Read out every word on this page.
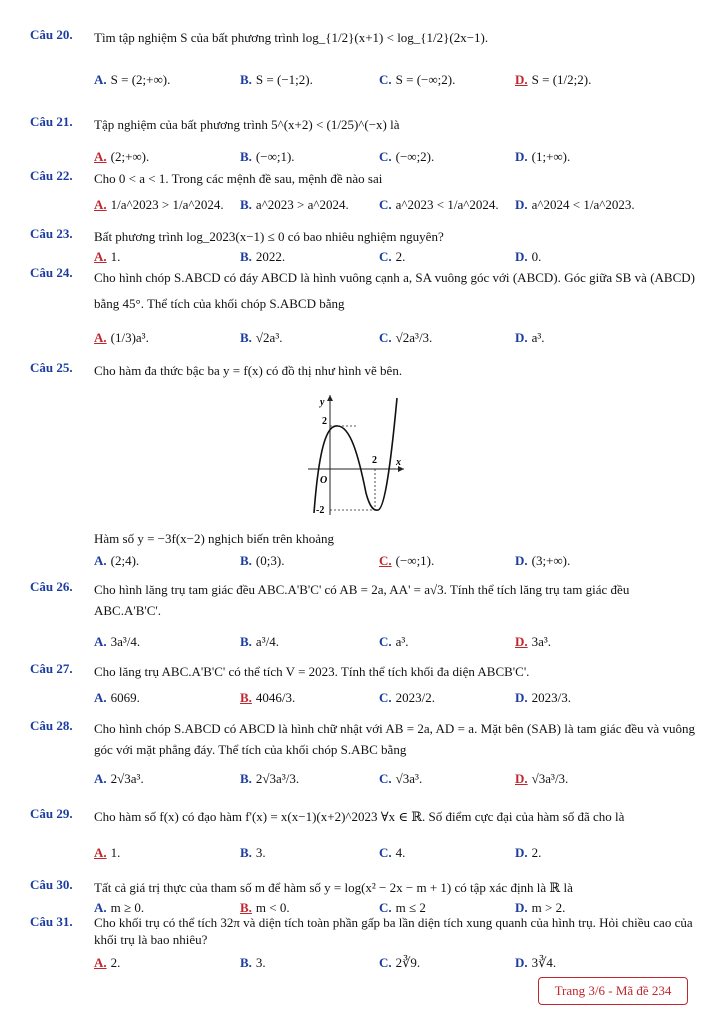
Câu 20. Tìm tập nghiệm S của bất phương trình log_{1/2}(x+1) < log_{1/2}(2x−1).
A. S = (2;+∞).	B. S = (−1;2).	C. S = (−∞;2).	D. S = (1/2;2).
Câu 21. Tập nghiệm của bất phương trình 5^(x+2) < (1/25)^(−x) là
A. (2;+∞).	B. (−∞;1).	C. (−∞;2).	D. (1;+∞).
Câu 22. Cho 0 < a < 1. Trong các mệnh đề sau, mệnh đề nào sai
A. 1/a^2023 > 1/a^2024. B. a^2023 > a^2024. C. a^2023 < 1/a^2024. D. a^2024 < 1/a^2023.
Câu 23. Bất phương trình log_2023(x−1) ≤ 0 có bao nhiêu nghiệm nguyên?
A. 1.	B. 2022.	C. 2.	D. 0.
Câu 24. Cho hình chóp S.ABCD có đáy ABCD là hình vuông cạnh a, SA vuông góc với (ABCD). Góc giữa SB và (ABCD) bằng 45°. Thể tích của khối chóp S.ABCD bằng
A. (1/3)a³.	B. √2a³.	C. √2a³/3.	D. a³.
Câu 25. Cho hàm đa thức bậc ba y = f(x) có đồ thị như hình vẽ bên.
Hàm số y = −3f(x−2) nghịch biến trên khoảng
A. (2;4).	B. (0;3).	C. (−∞;1).	D. (3;+∞).
y
x
O
2
2
-2
Câu 26. Cho hình lăng trụ tam giác đều ABC.A'B'C' có AB = 2a, AA' = a√3. Tính thể tích lăng trụ tam giác đều ABC.A'B'C'.
A. 3a³/4.	B. a³/4.	C. a³.	D. 3a³.
Câu 27. Cho lăng trụ ABC.A'B'C' có thể tích V = 2023. Tính thể tích khối đa diện ABCB'C'.
A. 6069.	B. 4046/3.	C. 2023/2.	D. 2023/3.
Câu 28. Cho hình chóp S.ABCD có ABCD là hình chữ nhật với AB = 2a, AD = a. Mặt bên (SAB) là tam giác đều và vuông góc với mặt phẳng đáy. Thể tích của khối chóp S.ABC bằng
A. 2√3a³.	B. 2√3a³/3.	C. √3a³.	D. √3a³/3.
Câu 29. Cho hàm số f(x) có đạo hàm f'(x) = x(x−1)(x+2)^2023 ∀x ∈ ℝ. Số điểm cực đại của hàm số đã cho là
A. 1.	B. 3.	C. 4.	D. 2.
Câu 30. Tất cả giá trị thực của tham số m để hàm số y = log(x² − 2x − m + 1) có tập xác định là ℝ là
A. m ≥ 0.	B. m < 0.	C. m ≤ 2	D. m > 2.
Câu 31. Cho khối trụ có thể tích 32π và diện tích toàn phần gấp ba lần diện tích xung quanh của hình trụ. Hỏi chiều cao của khối trụ là bao nhiêu?
A. 2.	B. 3.	C. 2∛9.	D. 3∛4.
Trang 3/6 - Mã đề 234
